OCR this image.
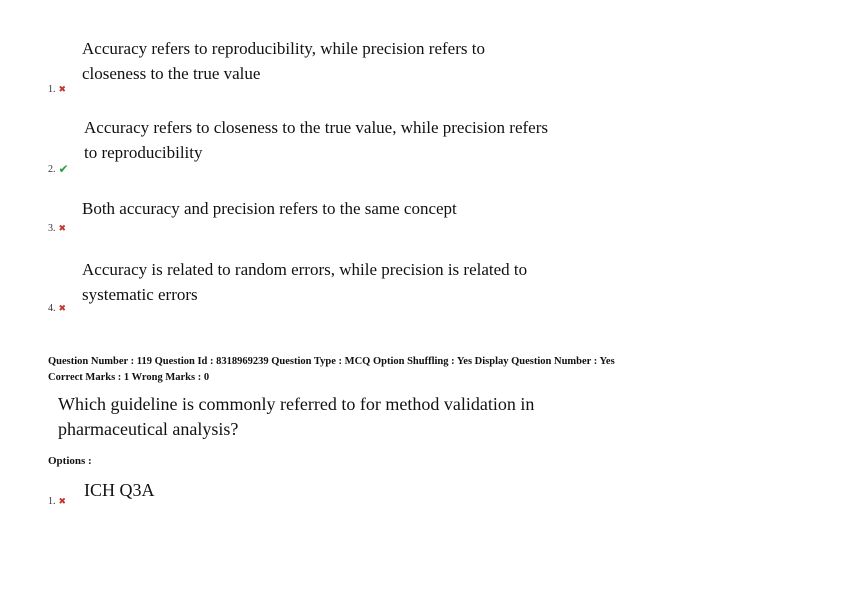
Accuracy refers to reproducibility, while precision refers to closeness to the true value
1. ✖
Accuracy refers to closeness to the true value, while precision refers to reproducibility
2. ✔
Both accuracy and precision refers to the same concept
3. ✖
Accuracy is related to random errors, while precision is related to systematic errors
4. ✖
Question Number : 119 Question Id : 8318969239 Question Type : MCQ Option Shuffling : Yes Display Question Number : Yes
Correct Marks : 1 Wrong Marks : 0
Which guideline is commonly referred to for method validation in pharmaceutical analysis?
Options :
ICH Q3A
1. ✖
